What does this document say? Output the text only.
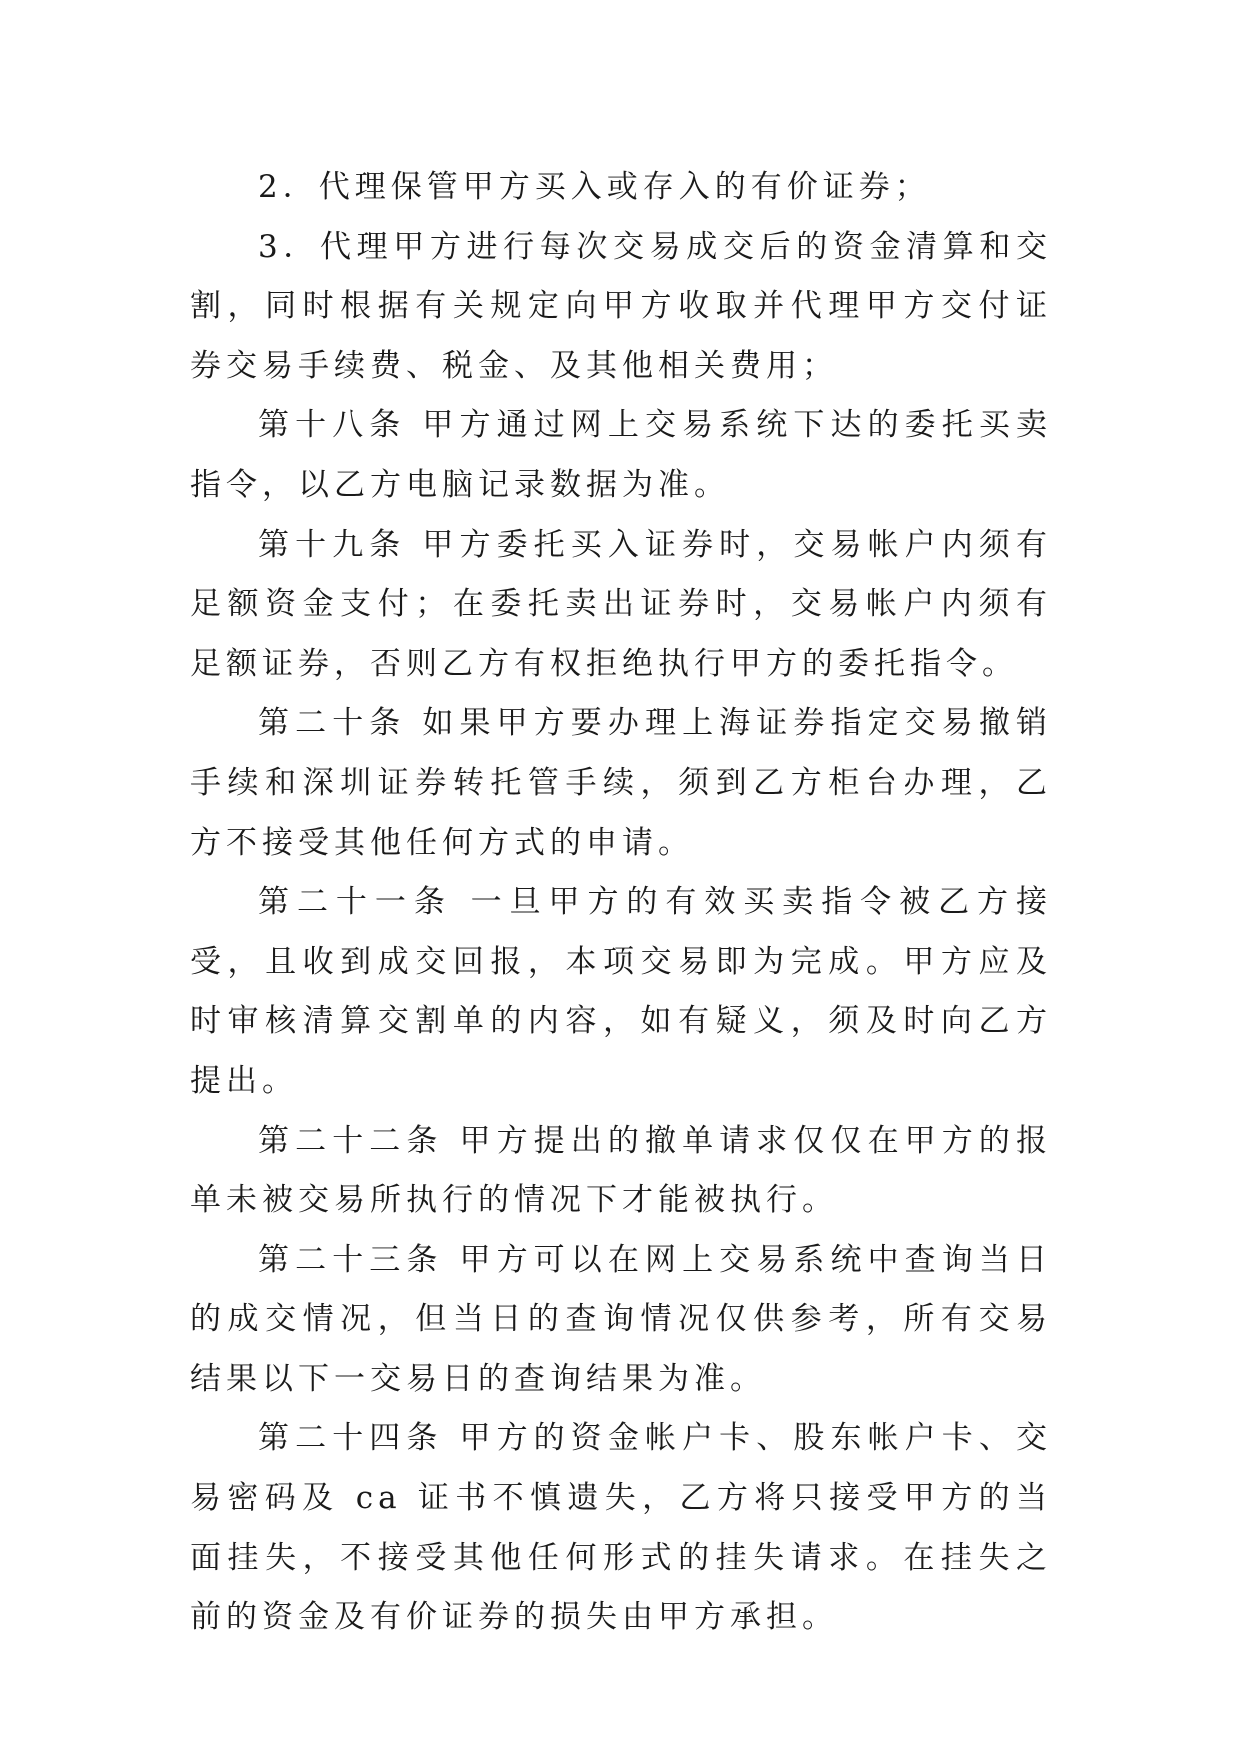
2．代理保管甲方买入或存入的有价证券；

3．代理甲方进行每次交易成交后的资金清算和交割，同时根据有关规定向甲方收取并代理甲方交付证券交易手续费、税金、及其他相关费用；

第十八条 甲方通过网上交易系统下达的委托买卖指令，以乙方电脑记录数据为准。

第十九条 甲方委托买入证券时，交易帐户内须有足额资金支付；在委托卖出证券时，交易帐户内须有足额证券，否则乙方有权拒绝执行甲方的委托指令。

第二十条 如果甲方要办理上海证券指定交易撤销手续和深圳证券转托管手续，须到乙方柜台办理，乙方不接受其他任何方式的申请。

第二十一条 一旦甲方的有效买卖指令被乙方接受，且收到成交回报，本项交易即为完成。甲方应及时审核清算交割单的内容，如有疑义，须及时向乙方提出。

第二十二条 甲方提出的撤单请求仅仅在甲方的报单未被交易所执行的情况下才能被执行。

第二十三条 甲方可以在网上交易系统中查询当日的成交情况，但当日的查询情况仅供参考，所有交易结果以下一交易日的查询结果为准。

第二十四条 甲方的资金帐户卡、股东帐户卡、交易密码及 ca 证书不慎遗失，乙方将只接受甲方的当面挂失，不接受其他任何形式的挂失请求。在挂失之前的资金及有价证券的损失由甲方承担。
